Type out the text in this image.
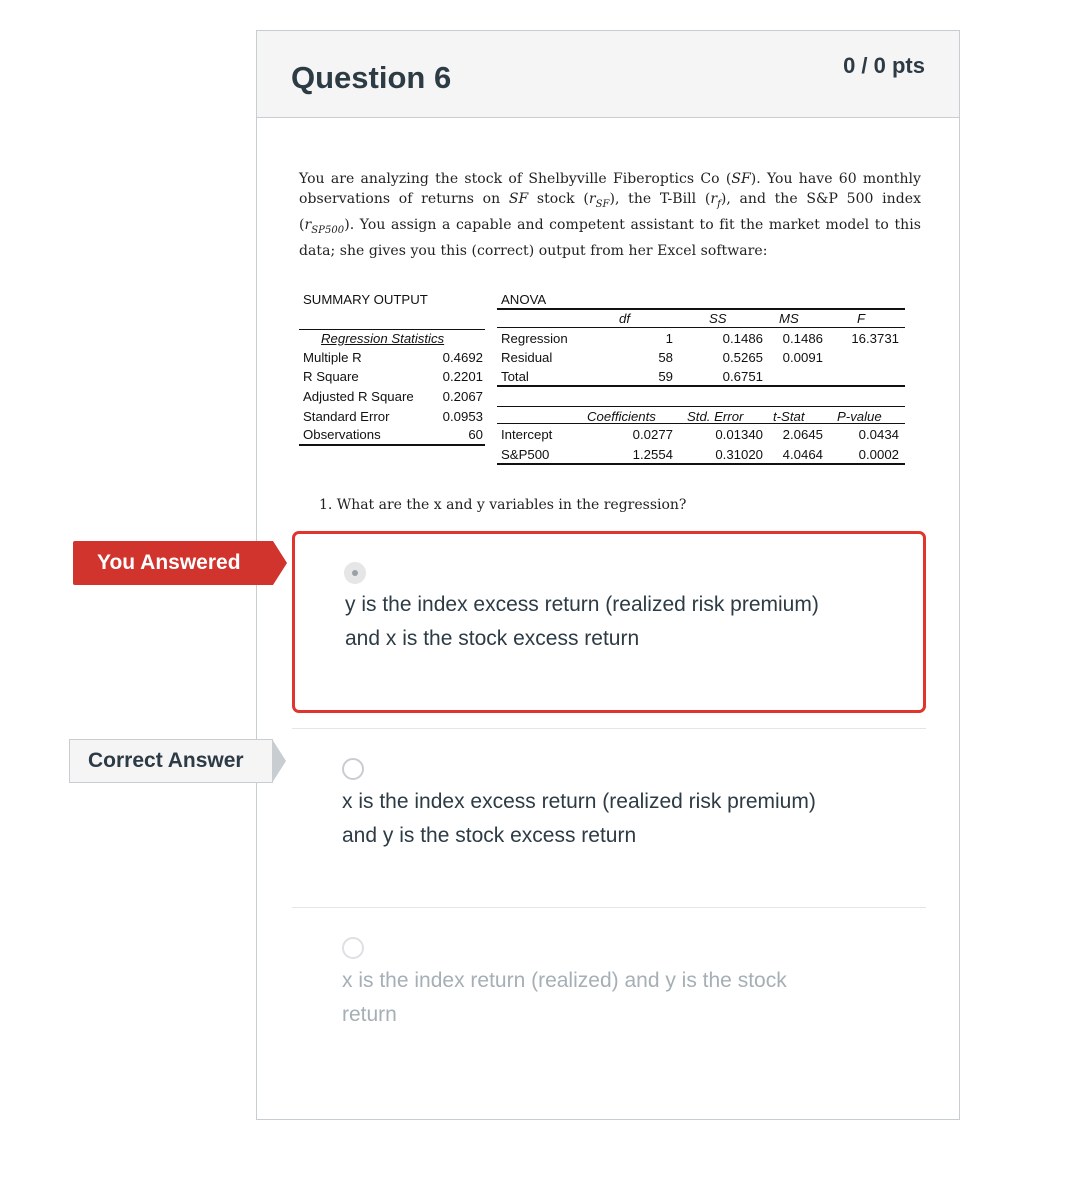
Question 6	0 / 0 pts
You are analyzing the stock of Shelbyville Fiberoptics Co (SF). You have 60 monthly observations of returns on SF stock $(r_{SF})$, the T-Bill $(r_f)$, and the S&P 500 index $(r_{SP500})$. You assign a capable and competent assistant to fit the market model to this data; she gives you this (correct) output from her Excel software:
SUMMARY OUTPUT
Regression Statistics
Multiple R	0.4692
R Square	0.2201
Adjusted R Square	0.2067
Standard Error	0.0953
Observations	60
ANOVA
df	SS	MS	F
Regression	1	0.1486	0.1486	16.3731
Residual	58	0.5265	0.0091
Total	59	0.6751
Coefficients Std. Error t-Stat P-value
Intercept	0.0277	0.01340	2.0645	0.0434
S&P500	1.2554	0.31020	4.0464	0.0002
1. What are the x and y variables in the regression?
You Answered
Correct Answer
y is the index excess return (realized risk premium)
and x is the stock excess return
x is the index excess return (realized risk premium)
and y is the stock excess return
x is the index return (realized) and y is the stock
return
